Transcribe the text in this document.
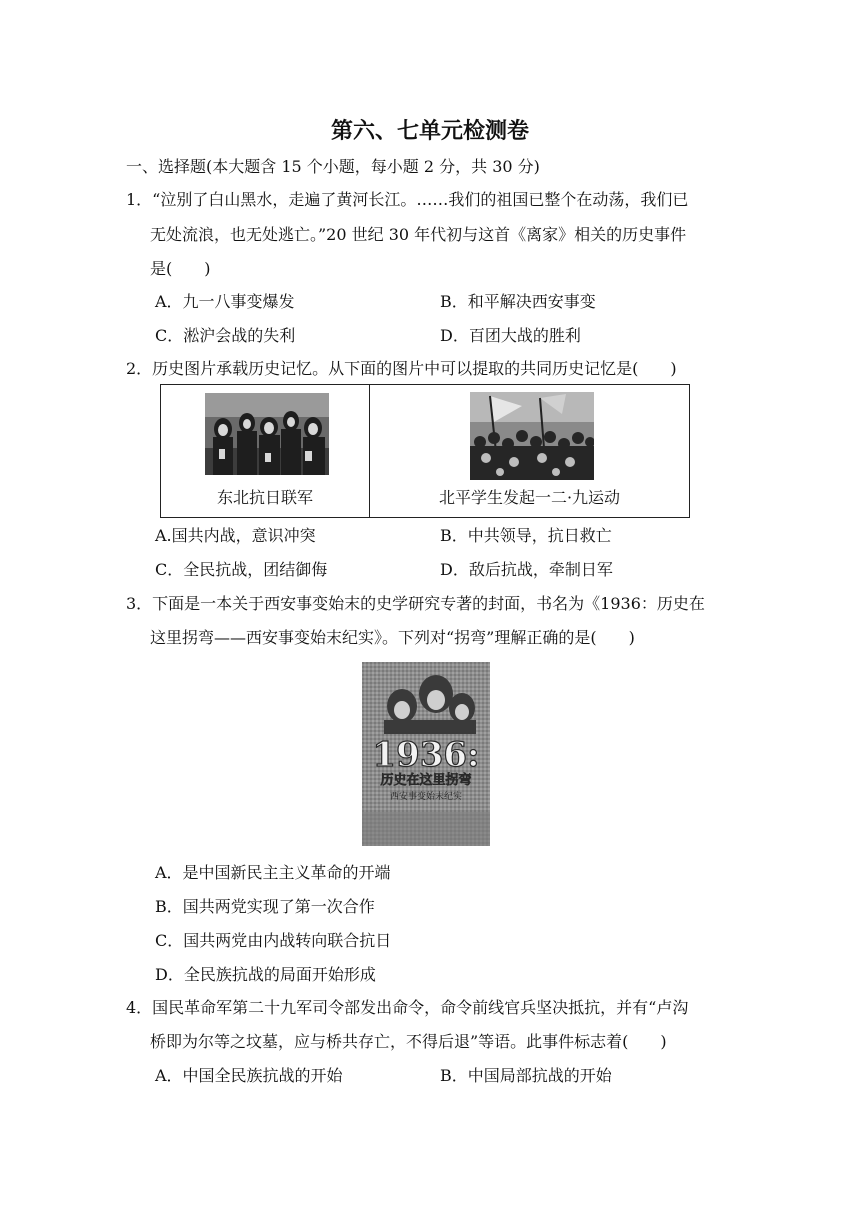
第六、七单元检测卷
一、选择题(本大题含 15 个小题，每小题 2 分，共 30 分)
1．“泣别了白山黑水，走遍了黄河长江。……我们的祖国已整个在动荡，我们已
无处流浪，也无处逃亡。”20 世纪 30 年代初与这首《离家》相关的历史事件
是(　　)
A．九一八事变爆发	B．和平解决西安事变
C．淞沪会战的失利	D．百团大战的胜利
2．历史图片承载历史记忆。从下面的图片中可以提取的共同历史记忆是(　　)
东北抗日联军	北平学生发起一二·九运动
A.国共内战，意识冲突	B．中共领导，抗日救亡
C．全民抗战，团结御侮	D．敌后抗战，牵制日军
3．下面是一本关于西安事变始末的史学研究专著的封面，书名为《1936：历史在
这里拐弯——西安事变始末纪实》。下列对“拐弯”理解正确的是(　　)
1936:
历史在这里拐弯
西安事变始末纪实
A．是中国新民主主义革命的开端
B．国共两党实现了第一次合作
C．国共两党由内战转向联合抗日
D．全民族抗战的局面开始形成
4．国民革命军第二十九军司令部发出命令，命令前线官兵坚决抵抗，并有“卢沟
桥即为尔等之坟墓，应与桥共存亡，不得后退”等语。此事件标志着(　　)
A．中国全民族抗战的开始	B．中国局部抗战的开始
